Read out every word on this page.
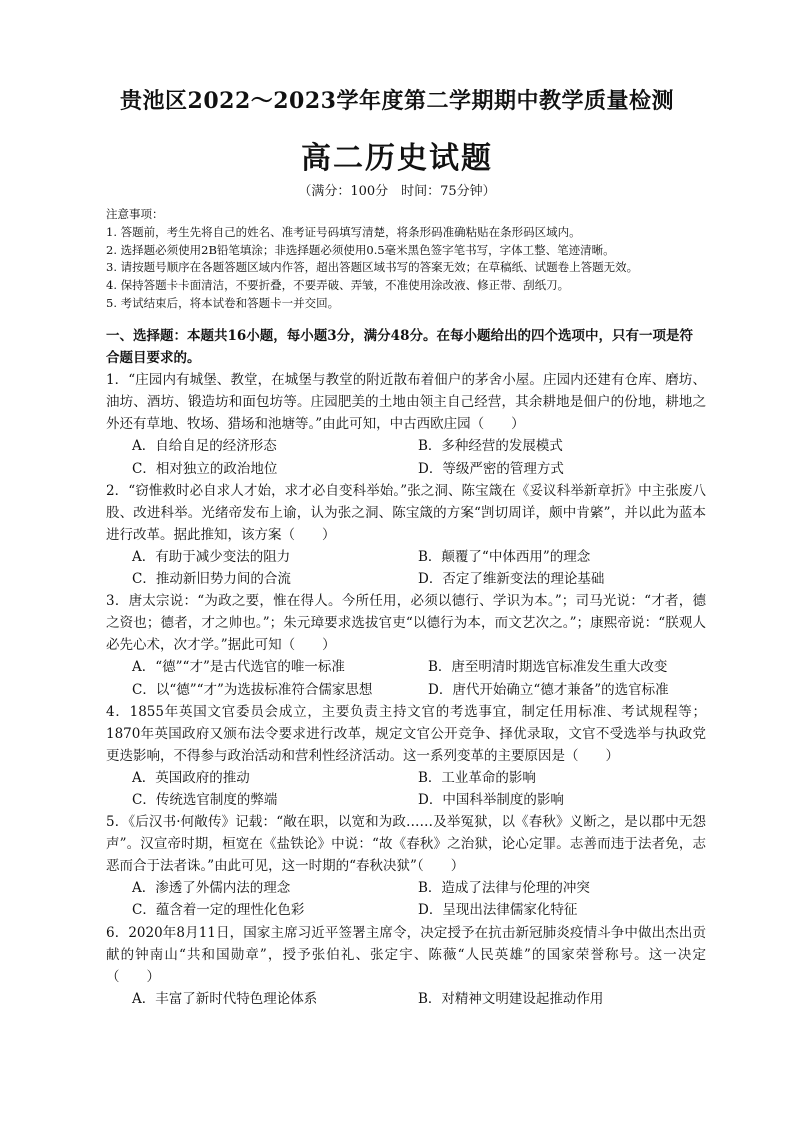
贵池区2022～2023学年度第二学期期中教学质量检测
高二历史试题
（满分：100分　时间：75分钟）
注意事项：
1. 答题前，考生先将自己的姓名、准考证号码填写清楚，将条形码准确粘贴在条形码区域内。
2. 选择题必须使用2B铅笔填涂；非选择题必须使用0.5毫米黑色签字笔书写，字体工整、笔迹清晰。
3. 请按题号顺序在各题答题区域内作答，超出答题区域书写的答案无效；在草稿纸、试题卷上答题无效。
4. 保持答题卡卡面清洁，不要折叠，不要弄破、弄皱，不准使用涂改液、修正带、刮纸刀。
5. 考试结束后，将本试卷和答题卡一并交回。
一、选择题：本题共16小题，每小题3分，满分48分。在每小题给出的四个选项中，只有一项是符合题目要求的。

1．“庄园内有城堡、教堂，在城堡与教堂的附近散布着佃户的茅舍小屋。庄园内还建有仓库、磨坊、油坊、酒坊、锻造坊和面包坊等。庄园肥美的土地由领主自己经营，其余耕地是佃户的份地，耕地之外还有草地、牧场、猎场和池塘等。”由此可知，中古西欧庄园（　　）

A．自给自足的经济形态	B．多种经营的发展模式
C．相对独立的政治地位	D．等级严密的管理方式

2．“窃惟救时必自求人才始，求才必自变科举始。”张之洞、陈宝箴在《妥议科举新章折》中主张废八股、改进科举。光绪帝发布上谕，认为张之洞、陈宝箴的方案“剀切周详，颇中肯綮”，并以此为蓝本进行改革。据此推知，该方案（　　）

A．有助于减少变法的阻力	B．颠覆了“中体西用”的理念
C．推动新旧势力间的合流	D．否定了维新变法的理论基础

3．唐太宗说：“为政之要，惟在得人。今所任用，必须以德行、学识为本。”；司马光说：“才者，德之资也；德者，才之帅也。”；朱元璋要求选拔官吏“以德行为本，而文艺次之。”；康熙帝说：“朕观人必先心术，次才学。”据此可知（　　）

A．“德”“才”是古代选官的唯一标准	B．唐至明清时期选官标准发生重大改变
C．以“德”“才”为选拔标准符合儒家思想	D．唐代开始确立“德才兼备”的选官标准

4．1855年英国文官委员会成立，主要负责主持文官的考选事宜，制定任用标准、考试规程等；1870年英国政府又颁布法令要求进行改革，规定文官公开竞争、择优录取，文官不受选举与执政党更迭影响，不得参与政治活动和营利性经济活动。这一系列变革的主要原因是（　　）

A．英国政府的推动	B．工业革命的影响
C．传统选官制度的弊端	D．中国科举制度的影响

5．《后汉书·何敞传》记载：“敞在职，以宽和为政……及举冤狱，以《春秋》义断之，是以郡中无怨声”。汉宣帝时期，桓宽在《盐铁论》中说：“故《春秋》之治狱，论心定罪。志善而违于法者免，志恶而合于法者诛。”由此可见，这一时期的“春秋决狱”（　　）

A．渗透了外儒内法的理念	B．造成了法律与伦理的冲突
C．蕴含着一定的理性化色彩	D．呈现出法律儒家化特征

6．2020年8月11日，国家主席习近平签署主席令，决定授予在抗击新冠肺炎疫情斗争中做出杰出贡献的钟南山“共和国勋章”，授予张伯礼、张定宇、陈薇“人民英雄”的国家荣誉称号。这一决定（　　）

A．丰富了新时代特色理论体系	B．对精神文明建设起推动作用
